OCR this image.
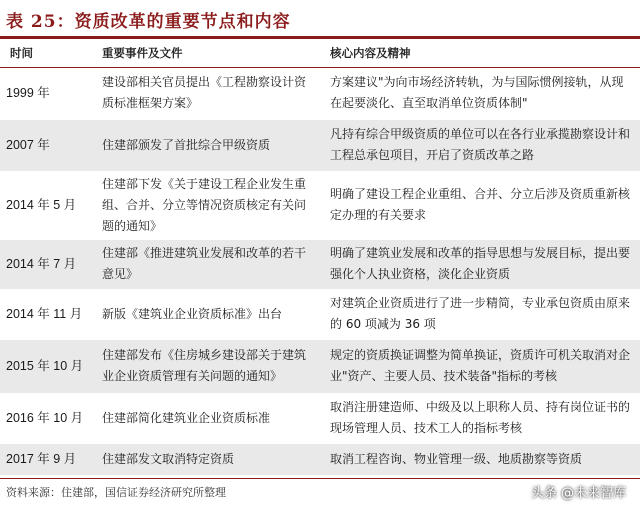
表 25：资质改革的重要节点和内容
时间	重要事件及文件	核心内容及精神
1999 年	建设部相关官员提出《工程勘察设计资质标准框架方案》	方案建议"为向市场经济转轨，为与国际惯例接轨，从现在起要淡化、直至取消单位资质体制"
2007 年	住建部颁发了首批综合甲级资质	凡持有综合甲级资质的单位可以在各行业承揽勘察设计和工程总承包项目，开启了资质改革之路
2014 年 5 月	住建部下发《关于建设工程企业发生重组、合并、分立等情况资质核定有关问题的通知》	明确了建设工程企业重组、合并、分立后涉及资质重新核定办理的有关要求
2014 年 7 月	住建部《推进建筑业发展和改革的若干意见》	明确了建筑业发展和改革的指导思想与发展目标，提出要强化个人执业资格，淡化企业资质
2014 年 11 月	新版《建筑业企业资质标准》出台	对建筑企业资质进行了进一步精简，专业承包资质由原来的 60 项减为 36 项
2015 年 10 月	住建部发布《住房城乡建设部关于建筑业企业资质管理有关问题的通知》	规定的资质换证调整为简单换证，资质许可机关取消对企业"资产、主要人员、技术装备"指标的考核
2016 年 10 月	住建部简化建筑业企业资质标准	取消注册建造师、中级及以上职称人员、持有岗位证书的现场管理人员、技术工人的指标考核
2017 年 9 月	住建部发文取消特定资质	取消工程咨询、物业管理一级、地质勘察等资质
资料来源：住建部，国信证券经济研究所整理	头条 @未来智库
